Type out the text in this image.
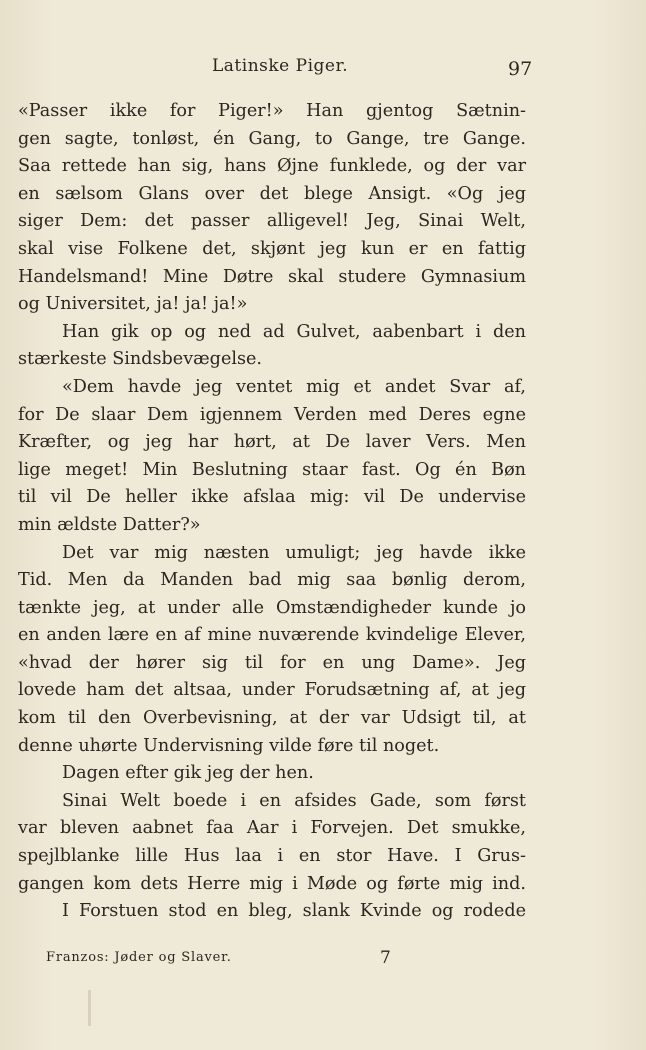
Latinske Piger.	97
«Passer ikke for Piger!» Han gjentog Sætnin-
gen sagte, tonløst, én Gang, to Gange, tre Gange.
Saa rettede han sig, hans Øjne funklede, og der var
en sælsom Glans over det blege Ansigt. «Og jeg
siger Dem: det passer alligevel! Jeg, Sinai Welt,
skal vise Folkene det, skjønt jeg kun er en fattig
Handelsmand! Mine Døtre skal studere Gymnasium
og Universitet, ja! ja! ja!»
Han gik op og ned ad Gulvet, aabenbart i den
stærkeste Sindsbevægelse.
«Dem havde jeg ventet mig et andet Svar af,
for De slaar Dem igjennem Verden med Deres egne
Kræfter, og jeg har hørt, at De laver Vers. Men
lige meget! Min Beslutning staar fast. Og én Bøn
til vil De heller ikke afslaa mig: vil De undervise
min ældste Datter?»
Det var mig næsten umuligt; jeg havde ikke
Tid. Men da Manden bad mig saa bønlig derom,
tænkte jeg, at under alle Omstændigheder kunde jo
en anden lære en af mine nuværende kvindelige Elever,
«hvad der hører sig til for en ung Dame». Jeg
lovede ham det altsaa, under Forudsætning af, at jeg
kom til den Overbevisning, at der var Udsigt til, at
denne uhørte Undervisning vilde føre til noget.
Dagen efter gik jeg der hen.
Sinai Welt boede i en afsides Gade, som først
var bleven aabnet faa Aar i Forvejen. Det smukke,
spejlblanke lille Hus laa i en stor Have. I Grus-
gangen kom dets Herre mig i Møde og førte mig ind.
I Forstuen stod en bleg, slank Kvinde og rodede
Franzos: Jøder og Slaver.	7
